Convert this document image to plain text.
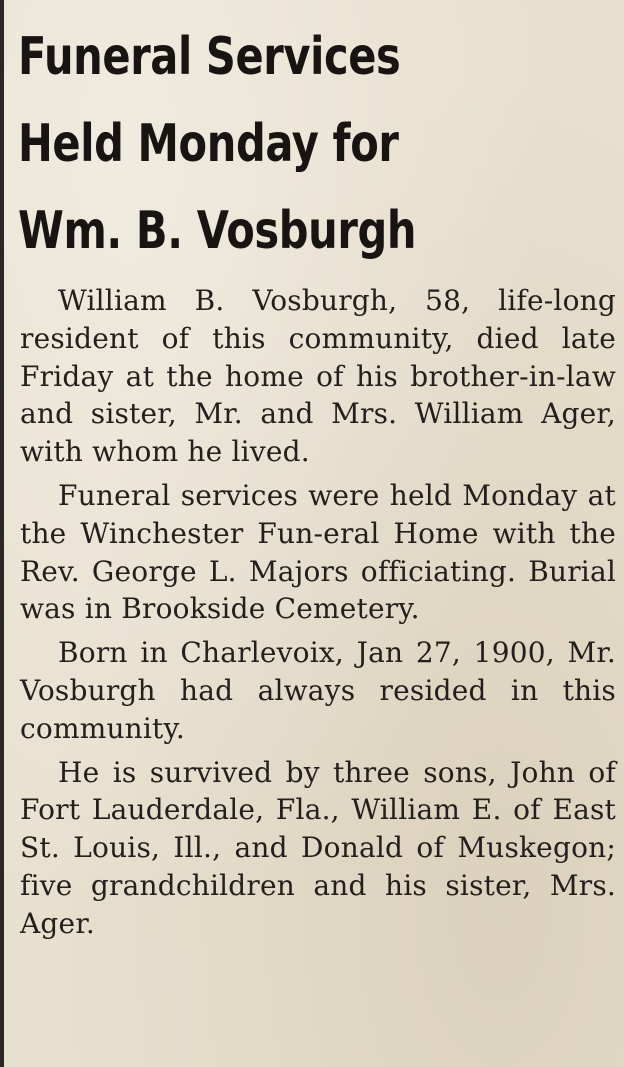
Funeral Services
Held Monday for
Wm. B. Vosburgh

William B. Vosburgh, 58, life-long resident of this community, died late Friday at the home of his brother-in-law and sister, Mr. and Mrs. William Ager, with whom he lived.

Funeral services were held Monday at the Winchester Fun-eral Home with the Rev. George L. Majors officiating. Burial was in Brookside Cemetery.

Born in Charlevoix, Jan 27, 1900, Mr. Vosburgh had always resided in this community.

He is survived by three sons, John of Fort Lauderdale, Fla., William E. of East St. Louis, Ill., and Donald of Muskegon; five grandchildren and his sister, Mrs. Ager.
